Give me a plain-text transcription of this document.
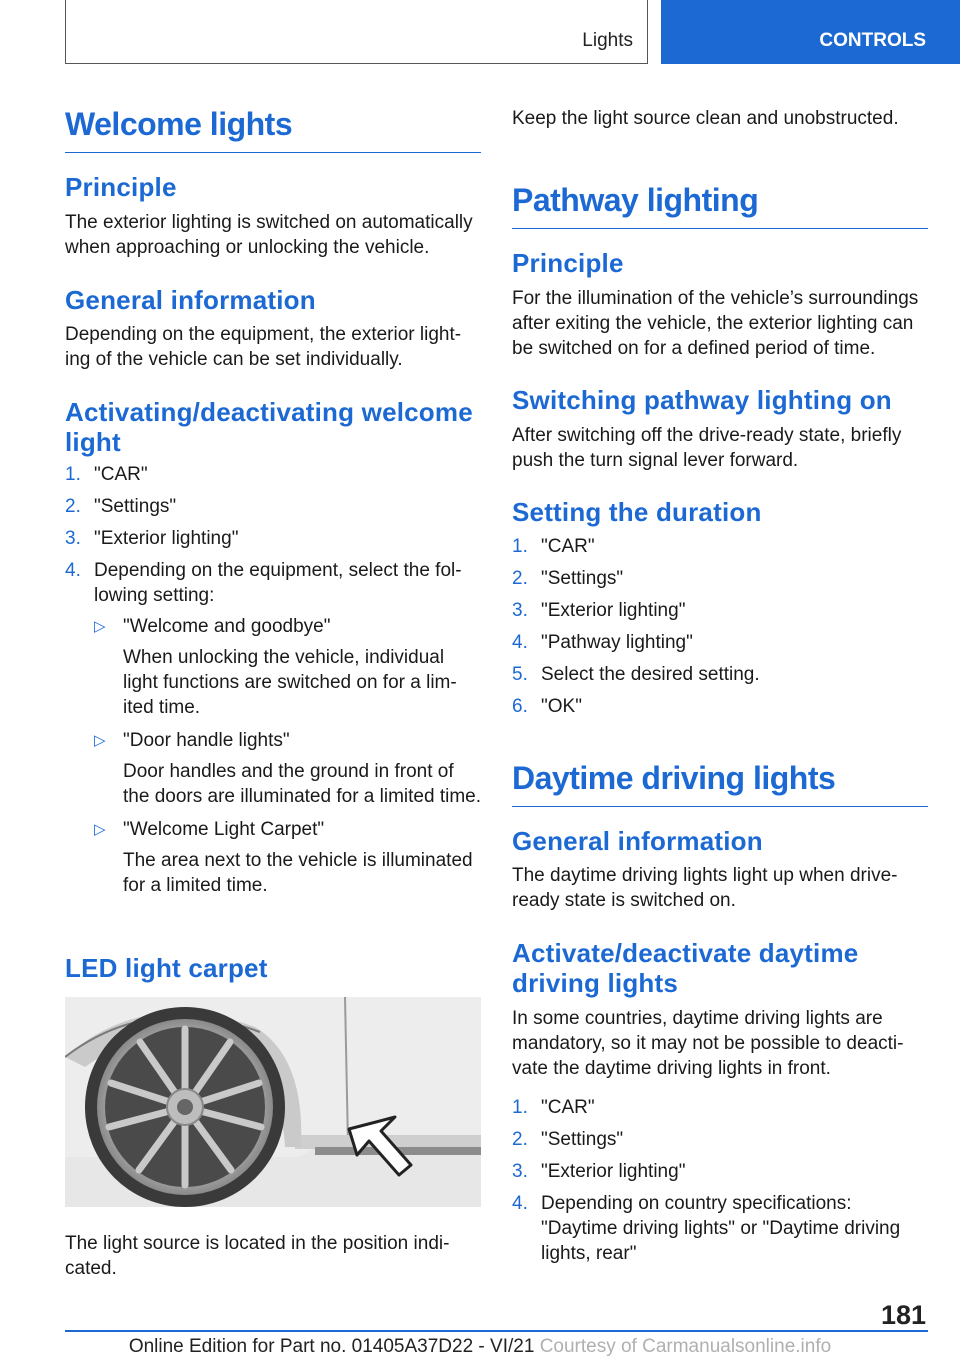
Lights	CONTROLS
Welcome lights
Principle
The exterior lighting is switched on automatically when approaching or unlocking the vehicle.
General information
Depending on the equipment, the exterior light-ing of the vehicle can be set individually.
Activating/deactivating welcome light
1. "CAR"
2. "Settings"
3. "Exterior lighting"
4. Depending on the equipment, select the fol-lowing setting:
▷ "Welcome and goodbye"
When unlocking the vehicle, individual light functions are switched on for a lim-ited time.
▷ "Door handle lights"
Door handles and the ground in front of the doors are illuminated for a limited time.
▷ "Welcome Light Carpet"
The area next to the vehicle is illuminated for a limited time.
LED light carpet
The light source is located in the position indi-cated.
Keep the light source clean and unobstructed.
Pathway lighting
Principle
For the illumination of the vehicle’s surroundings after exiting the vehicle, the exterior lighting can be switched on for a defined period of time.
Switching pathway lighting on
After switching off the drive-ready state, briefly push the turn signal lever forward.
Setting the duration
1. "CAR"
2. "Settings"
3. "Exterior lighting"
4. "Pathway lighting"
5. Select the desired setting.
6. "OK"
Daytime driving lights
General information
The daytime driving lights light up when drive-ready state is switched on.
Activate/deactivate daytime driving lights
In some countries, daytime driving lights are mandatory, so it may not be possible to deacti-vate the daytime driving lights in front.
1. "CAR"
2. "Settings"
3. "Exterior lighting"
4. Depending on country specifications: "Daytime driving lights" or "Daytime driving lights, rear"
181
Online Edition for Part no. 01405A37D22 - VI/21 Courtesy of Carmanualsonline.info
